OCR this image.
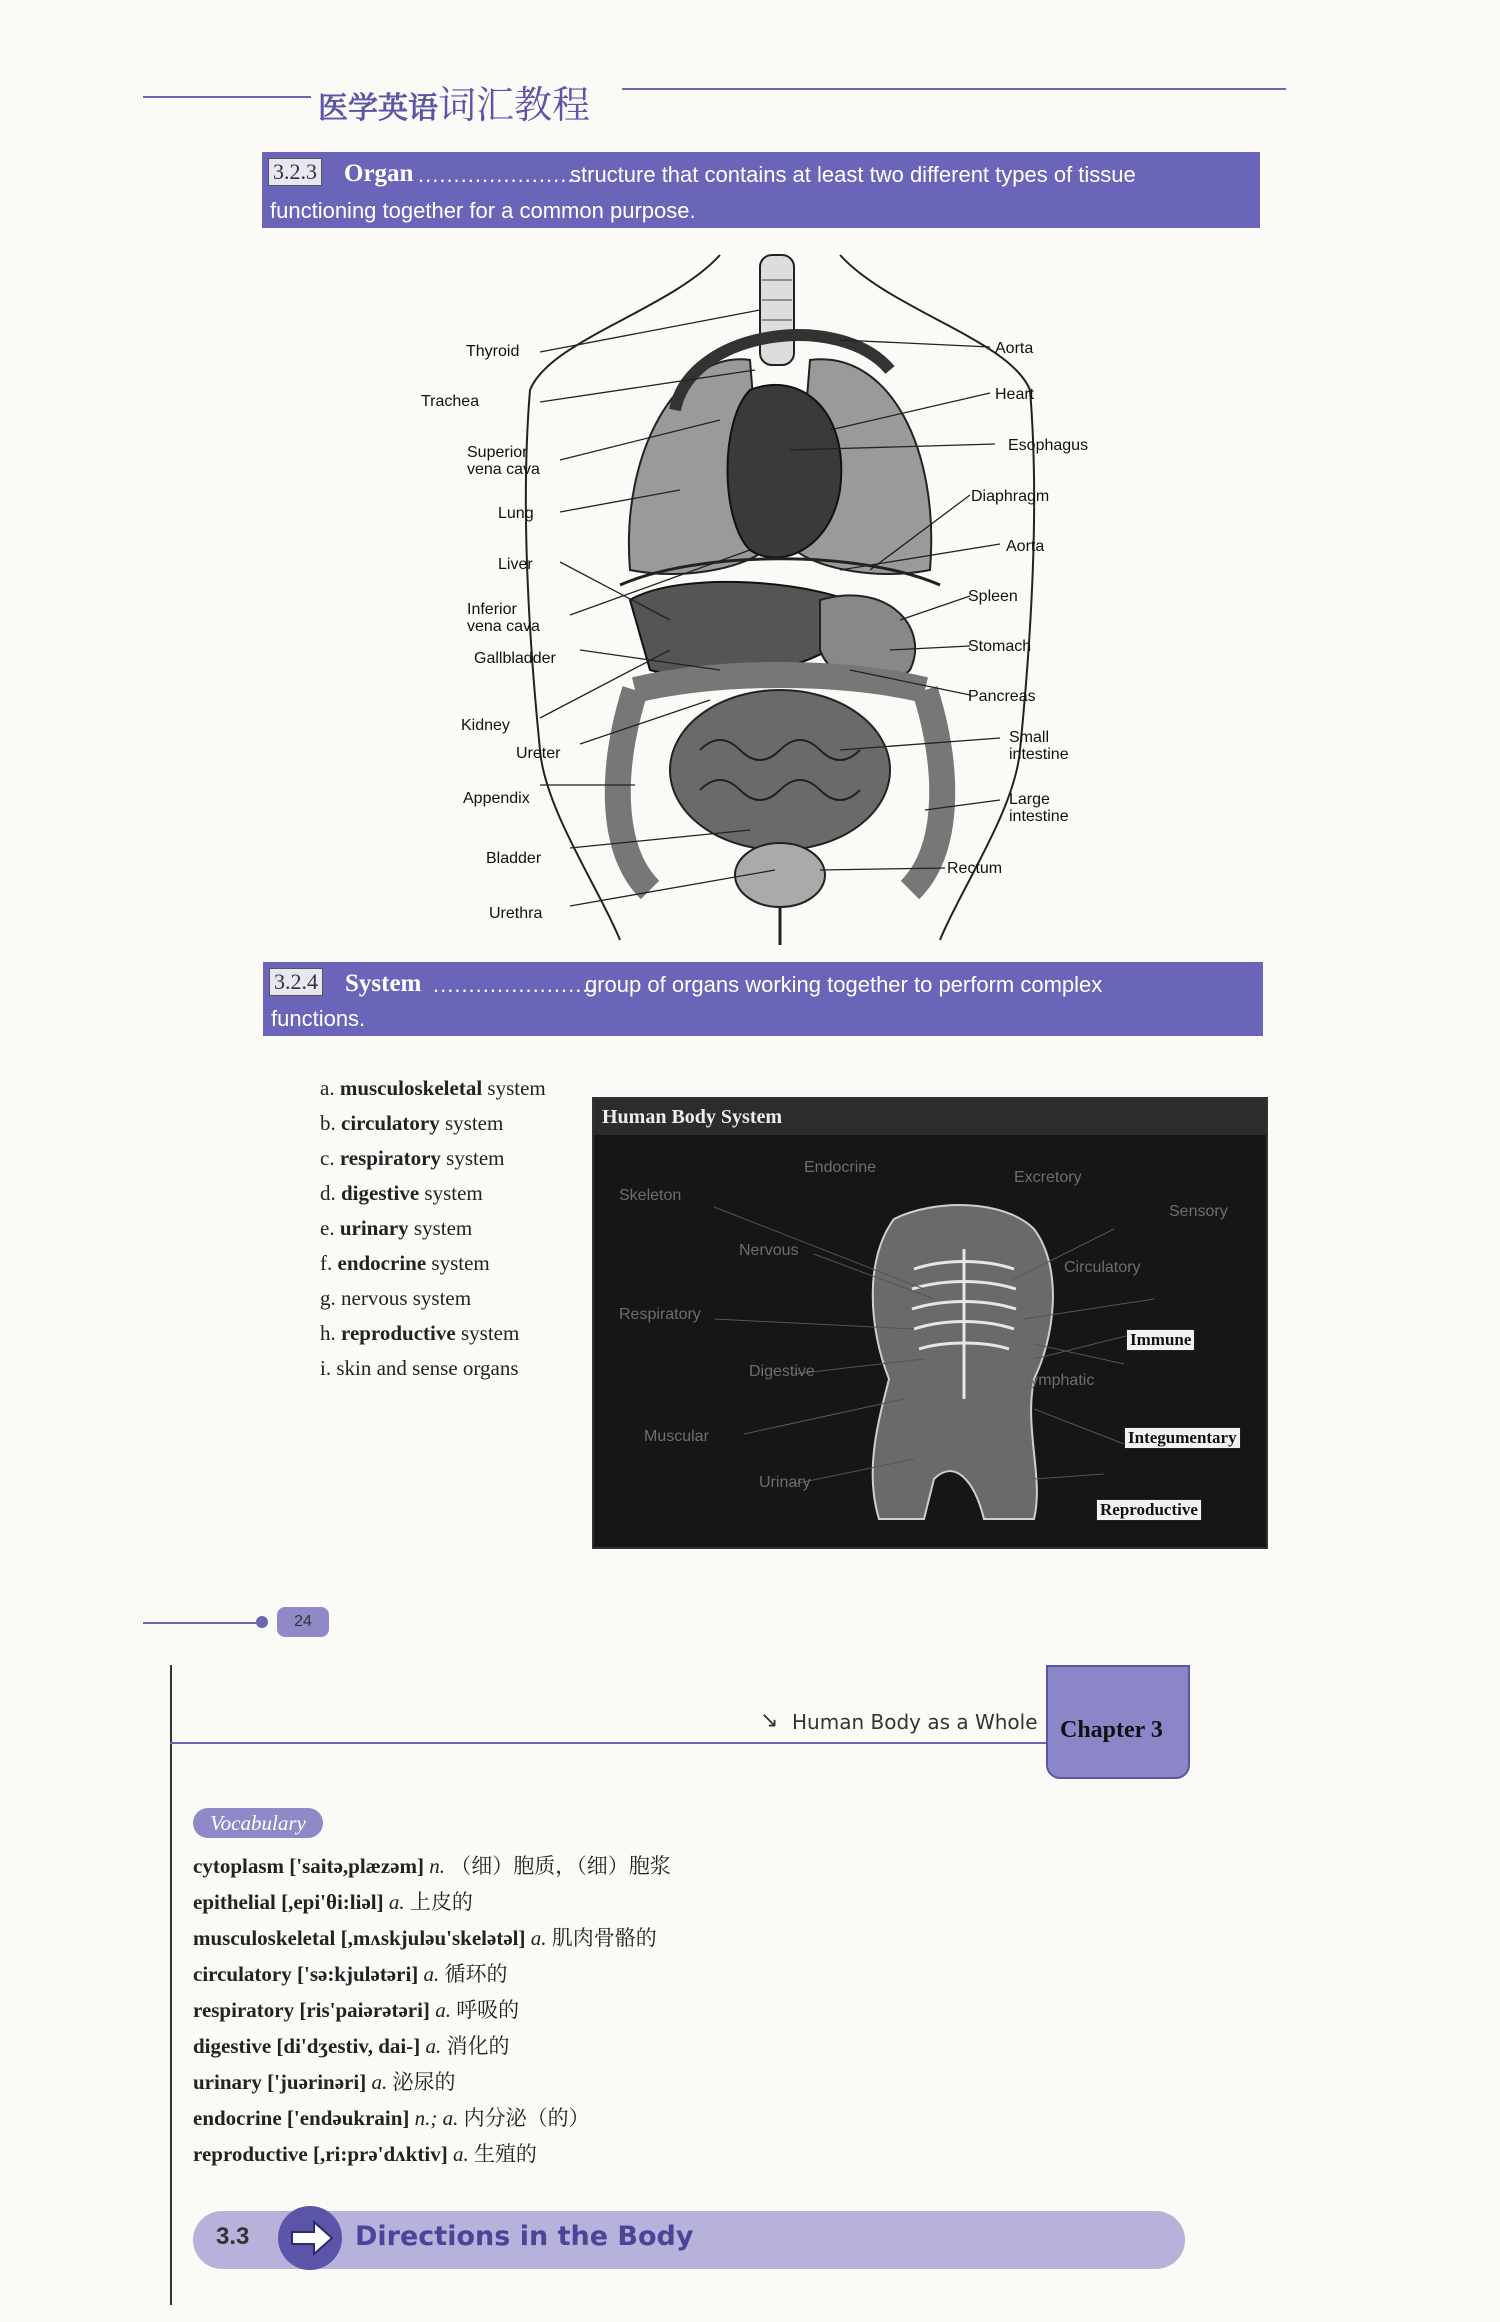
医学英语词汇教程
3.2.3 Organ .......................
structure that contains at least two different types of tissue
functioning together for a common purpose.
Thyroid
Trachea
Superior
vena cava
Lung
Liver
Inferior
vena cava
Gallbladder
Kidney
Ureter
Appendix
Bladder
Urethra
Aorta
Heart
Esophagus
Diaphragm
Aorta
Spleen
Stomach
Pancreas
Small
intestine
Large
intestine
Rectum
3.2.4 System .......................
group of organs working together to perform complex
functions.
a. musculoskeletal system
b. circulatory system
c. respiratory system
d. digestive system
e. urinary system
f. endocrine system
g. nervous system
h. reproductive system
i. skin and sense organs
Human Body System
Endocrine
Excretory
Skeleton
Sensory
Nervous
Circulatory
Respiratory
Digestive
Lymphatic
Muscular
Urinary
Immune
Integumentary
Reproductive
24
↘ Human Body as a Whole Chapter 3
Vocabulary
cytoplasm ['saitə,plæzəm] n. （细）胞质，（细）胞浆
epithelial [,epi'θi:liəl] a. 上皮的
musculoskeletal [,mʌskjuləu'skelətəl] a. 肌肉骨骼的
circulatory ['sə:kjulətəri] a. 循环的
respiratory [ris'paiərətəri] a. 呼吸的
digestive [di'dʒestiv, dai-] a. 消化的
urinary ['juərinəri] a. 泌尿的
endocrine ['endəukrain] n.; a. 内分泌（的）
reproductive [,ri:prə'dʌktiv] a. 生殖的
3.3	Directions in the Body
